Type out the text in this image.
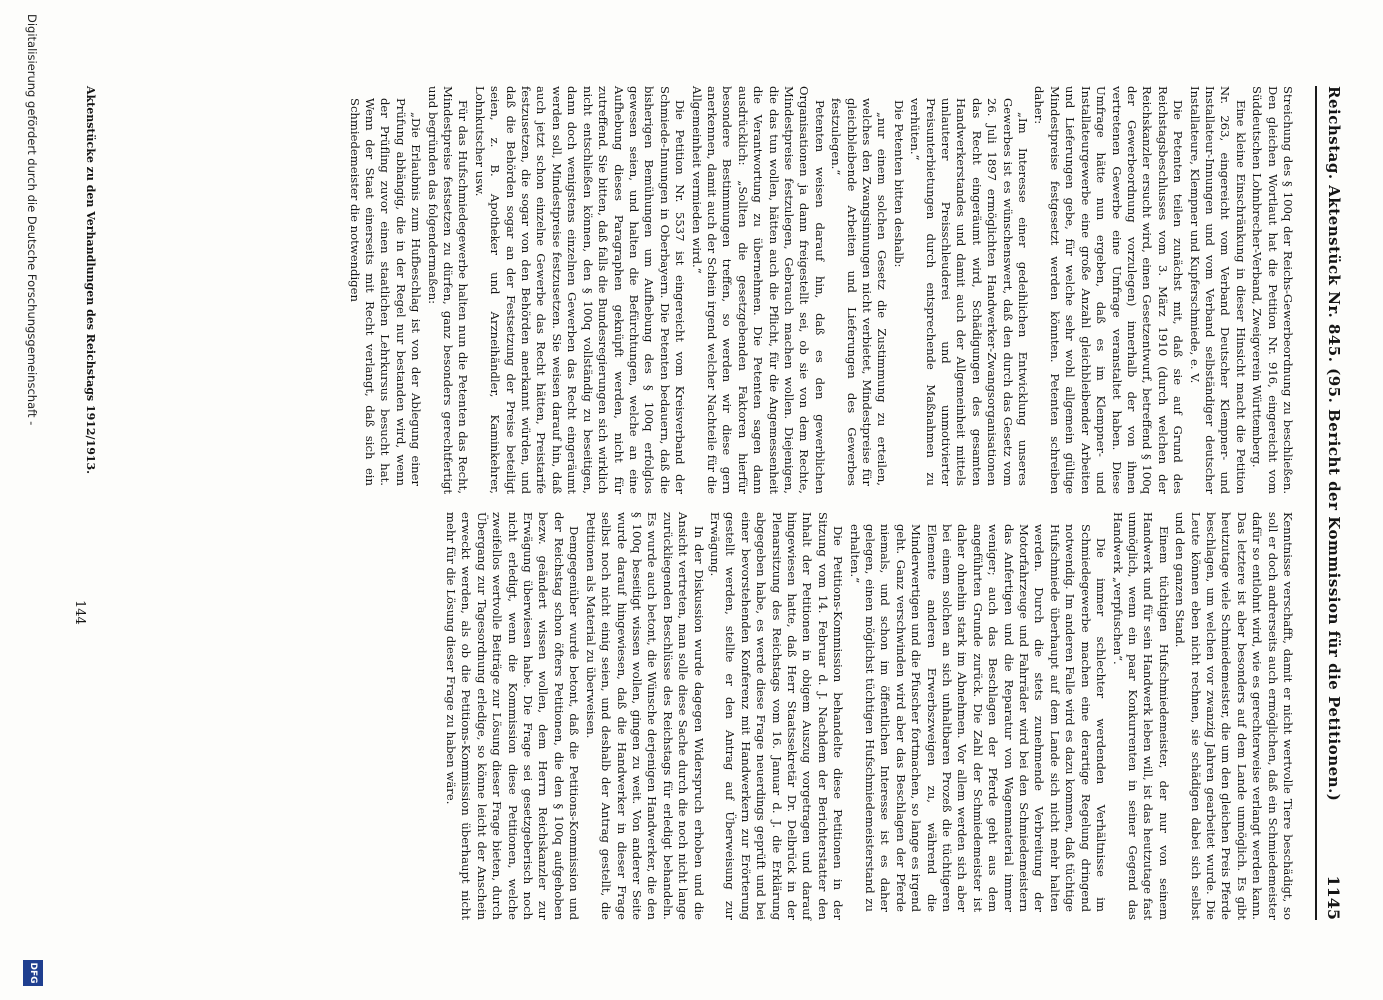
Reichstag. Aktenstück Nr. 845. (95. Bericht der Kommission für die Petitionen.)
1145

Streichung des § 100q der Reichs-Gewerbeordnung zu beschließen. Den gleichen Wortlaut hat die Petition Nr. 916, eingereicht vom Süddeutschen Lohnbrecher-Verband, Zweigverein Württemberg.

Eine kleine Einschränkung in dieser Hinsicht macht die Petition Nr. 263, eingereicht vom Verband Deutscher Klempner- und Installateur-Innungen und vom Verband selbständiger deutscher Installateure, Klempner und Kupferschmiede, e. V.

Die Petenten teilen zunächst mit, daß sie auf Grund des Reichstagsbeschlusses vom 3. März 1910 (durch welchen der Reichskanzler ersucht wird, einen Gesetzentwurf, betreffend § 100q der Gewerbeordnung vorzulegen) innerhalb der von ihnen vertretenen Gewerbe eine Umfrage veranstaltet haben. Diese Umfrage hätte nun ergeben, daß es im Klempner- und Installateurgewerbe eine große Anzahl gleichbleibender Arbeiten und Lieferungen gebe, für welche sehr wohl allgemein gültige Mindestpreise festgesetzt werden könnten. Petenten schreiben daher:

„Im Interesse einer gedeihlichen Entwicklung unseres Gewerbes ist es wünschenswert, daß den durch das Gesetz vom 26. Juli 1897 ermöglichten Handwerker-Zwangsorganisationen das Recht eingeräumt wird, Schädigungen des gesamten Handwerkerstandes und damit auch der Allgemeinheit mittels unlauterer Preisschleuderei und unmotivierter Preisunterbietungen durch entsprechende Maßnahmen zu verhüten.“

Die Petenten bitten deshalb:

„nur einem solchen Gesetz die Zustimmung zu erteilen, welches den Zwangsinnungen nicht verbietet, Mindestpreise für gleichbleibende Arbeiten und Lieferungen des Gewerbes festzulegen.“

Petenten weisen darauf hin, daß es den gewerblichen Organisationen ja dann freigestellt sei, ob sie von dem Rechte, Mindestpreise festzulegen, Gebrauch machen wollen. Diejenigen, die das tun wollen, hätten auch die Pflicht, für die Angemessenheit die Verantwortung zu übernehmen. Die Petenten sagen dann ausdrücklich: „Sollten die gesetzgebenden Faktoren hierfür besondere Bestimmungen treffen, so werden wir diese gern anerkennen, damit auch der Schein irgend welcher Nachteile für die Allgemeinheit vermieden wird.“

Die Petition Nr. 5537 ist eingereicht vom Kreisverband der Schmiede-Innungen in Oberbayern. Die Petenten bedauern, daß die bisherigen Bemühungen um Aufhebung des § 100q erfolglos gewesen seien, und halten die Befürchtungen, welche an eine Aufhebung dieses Paragraphen geknüpft werden, nicht für zutreffend. Sie bitten, daß falls die Bundesregierungen sich wirklich nicht entschließen können, den § 100q vollständig zu beseitigen, dann doch wenigstens einzelnen Gewerben das Recht eingeräumt werden soll, Mindestpreise festzusetzen. Sie weisen darauf hin, daß auch jetzt schon einzelne Gewerbe das Recht hätten, Preistarife festzusetzen, die sogar von den Behörden anerkannt würden, und daß die Behörden sogar an der Festsetzung der Preise beteiligt seien, z. B. Apotheker und Arzneihändler, Kaminkehrer, Lohnkutscher usw.

Für das Hufschmiedegewerbe halten nun die Petenten das Recht, Mindestpreise festsetzen zu dürfen, ganz besonders gerechtfertigt und begründen das folgendermaßen:

„Die Erlaubnis zum Hufbeschlag ist von der Ablegung einer Prüfung abhängig, die in der Regel nur bestanden wird, wenn der Prüfling zuvor einen staatlichen Lehrkursus besucht hat. Wenn der Staat einerseits mit Recht verlangt, daß sich ein Schmiedemeister die notwendigen

Kenntnisse verschafft, damit er nicht wertvolle Tiere beschädigt, so soll er doch andrerseits auch ermöglichen, daß ein Schmiedemeister dafür so entlohnt wird, wie es gerechterweise verlangt werden kann. Das letztere ist aber besonders auf dem Lande unmöglich. Es gibt heutzutage viele Schmiedemeister, die um den gleichen Preis Pferde beschlagen, um welchen vor zwanzig Jahren gearbeitet wurde. Die Leute können eben nicht rechnen, sie schädigen dabei sich selbst und den ganzen Stand.

Einem tüchtigen Hufschmiedemeister, der nur von seinem Handwerk und für sein Handwerk leben will, ist das heutzutage fast unmöglich, wenn ein paar Konkurrenten in seiner Gegend das Handwerk „verpfuschen“.

Die immer schlechter werdenden Verhältnisse im Schmiedegewerbe machen eine derartige Regelung dringend notwendig. Im anderen Falle wird es dazu kommen, daß tüchtige Hufschmiede überhaupt auf dem Lande sich nicht mehr halten werden. Durch die stets zunehmende Verbreitung der Motorfahrzeuge und Fahrräder wird bei den Schmiedemeistern das Anfertigen und die Reparatur von Wagenmaterial immer weniger; auch das Beschlagen der Pferde geht aus dem angeführten Grunde zurück. Die Zahl der Schmiedemeister ist daher ohnehin stark im Abnehmen. Vor allem werden sich aber bei einem solchen an sich unhaltbaren Prozeß die tüchtigeren Elemente anderen Erwerbszweigen zu, während die Minderwertigen und die Pfuscher fortmachen, so lange es irgend geht. Ganz verschwinden wird aber das Beschlagen der Pferde niemals, und schon im öffentlichen Interesse ist es daher gelegen, einen möglichst tüchtigen Hufschmiedemeisterstand zu erhalten.“

Die Petitions-Kommission behandelte diese Petitionen in der Sitzung vom 14. Februar d. J. Nachdem der Berichterstatter den Inhalt der Petitionen in obigem Auszug vorgetragen und darauf hingewiesen hatte, daß Herr Staatssekretär Dr. Delbrück in der Plenarsitzung des Reichstags vom 16. Januar d. J. die Erklärung abgegeben habe, es werde diese Frage neuerdings geprüft und bei einer bevorstehenden Konferenz mit Handwerkern zur Erörterung gestellt werden, stellte er den Antrag auf Überweisung zur Erwägung.

In der Diskussion wurde dagegen Widerspruch erhoben und die Ansicht vertreten, man solle diese Sache durch die noch nicht lange zurückliegenden Beschlüsse des Reichstags für erledigt behandeln. Es wurde auch betont, die Wünsche derjenigen Handwerker, die den § 100q beseitigt wissen wollen, gingen zu weit. Von anderer Seite wurde darauf hingewiesen, daß die Handwerker in dieser Frage selbst noch nicht einig seien, und deshalb der Antrag gestellt, die Petitionen als Material zu überweisen.

Demgegenüber wurde betont, daß die Petitions-Kommission und der Reichstag schon öfters Petitionen, die den § 100q aufgehoben bezw. geändert wissen wollen, dem Herrn Reichskanzler zur Erwägung überwiesen habe. Die Frage sei gesetzgeberisch noch nicht erledigt, wenn die Kommission diese Petitionen, welche zweifellos wertvolle Beiträge zur Lösung dieser Frage bieten, durch Übergang zur Tagesordnung erledige, so könne leicht der Anschein erweckt werden, als ob die Petitions-Kommission überhaupt nicht mehr für die Lösung dieser Frage zu haben wäre.

Aktenstücke zu den Verhandlungen des Reichstags 1912/1913.
144
Digitalisierung gefördert durch die Deutsche Forschungsgemeinschaft -
DFG
